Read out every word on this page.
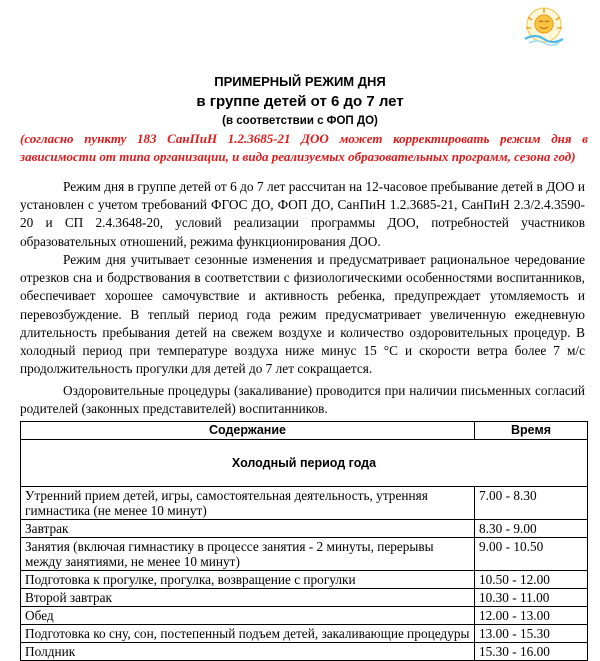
ПРИМЕРНЫЙ РЕЖИМ ДНЯ
в группе детей от 6 до 7 лет
(в соответствии с ФОП ДО)
(согласно пункту 183 СанПиН 1.2.3685-21 ДОО может корректировать режим дня в зависимости от типа организации, и вида реализуемых образовательных программ, сезона год)

Режим дня в группе детей от 6 до 7 лет рассчитан на 12-часовое пребывание детей в ДОО и установлен с учетом требований ФГОС ДО, ФОП ДО, СанПиН 1.2.3685-21, СанПиН 2.3/2.4.3590-20 и СП 2.4.3648-20, условий реализации программы ДОО, потребностей участников образовательных отношений, режима функционирования ДОО.

Режим дня учитывает сезонные изменения и предусматривает рациональное чередование отрезков сна и бодрствования в соответствии с физиологическими особенностями воспитанников, обеспечивает хорошее самочувствие и активность ребенка, предупреждает утомляемость и перевозбуждение. В теплый период года режим предусматривает увеличенную ежедневную длительность пребывания детей на свежем воздухе и количество оздоровительных процедур. В холодный период при температуре воздуха ниже минус 15 °С и скорости ветра более 7 м/с продолжительность прогулки для детей до 7 лет сокращается.

Оздоровительные процедуры (закаливание) проводится при наличии письменных согласий родителей (законных представителей) воспитанников.

Содержание	Время
Холодный период года	
Утренний прием детей, игры, самостоятельная деятельность, утренняя гимнастика (не менее 10 минут)	7.00 - 8.30
Завтрак	8.30 - 9.00
Занятия (включая гимнастику в процессе занятия - 2 минуты, перерывы между занятиями, не менее 10 минут)	9.00 - 10.50
Подготовка к прогулке, прогулка, возвращение с прогулки	10.50 - 12.00
Второй завтрак	10.30 - 11.00
Обед	12.00 - 13.00
Подготовка ко сну, сон, постепенный подъем детей, закаливающие процедуры	13.00 - 15.30
Полдник	15.30 - 16.00
